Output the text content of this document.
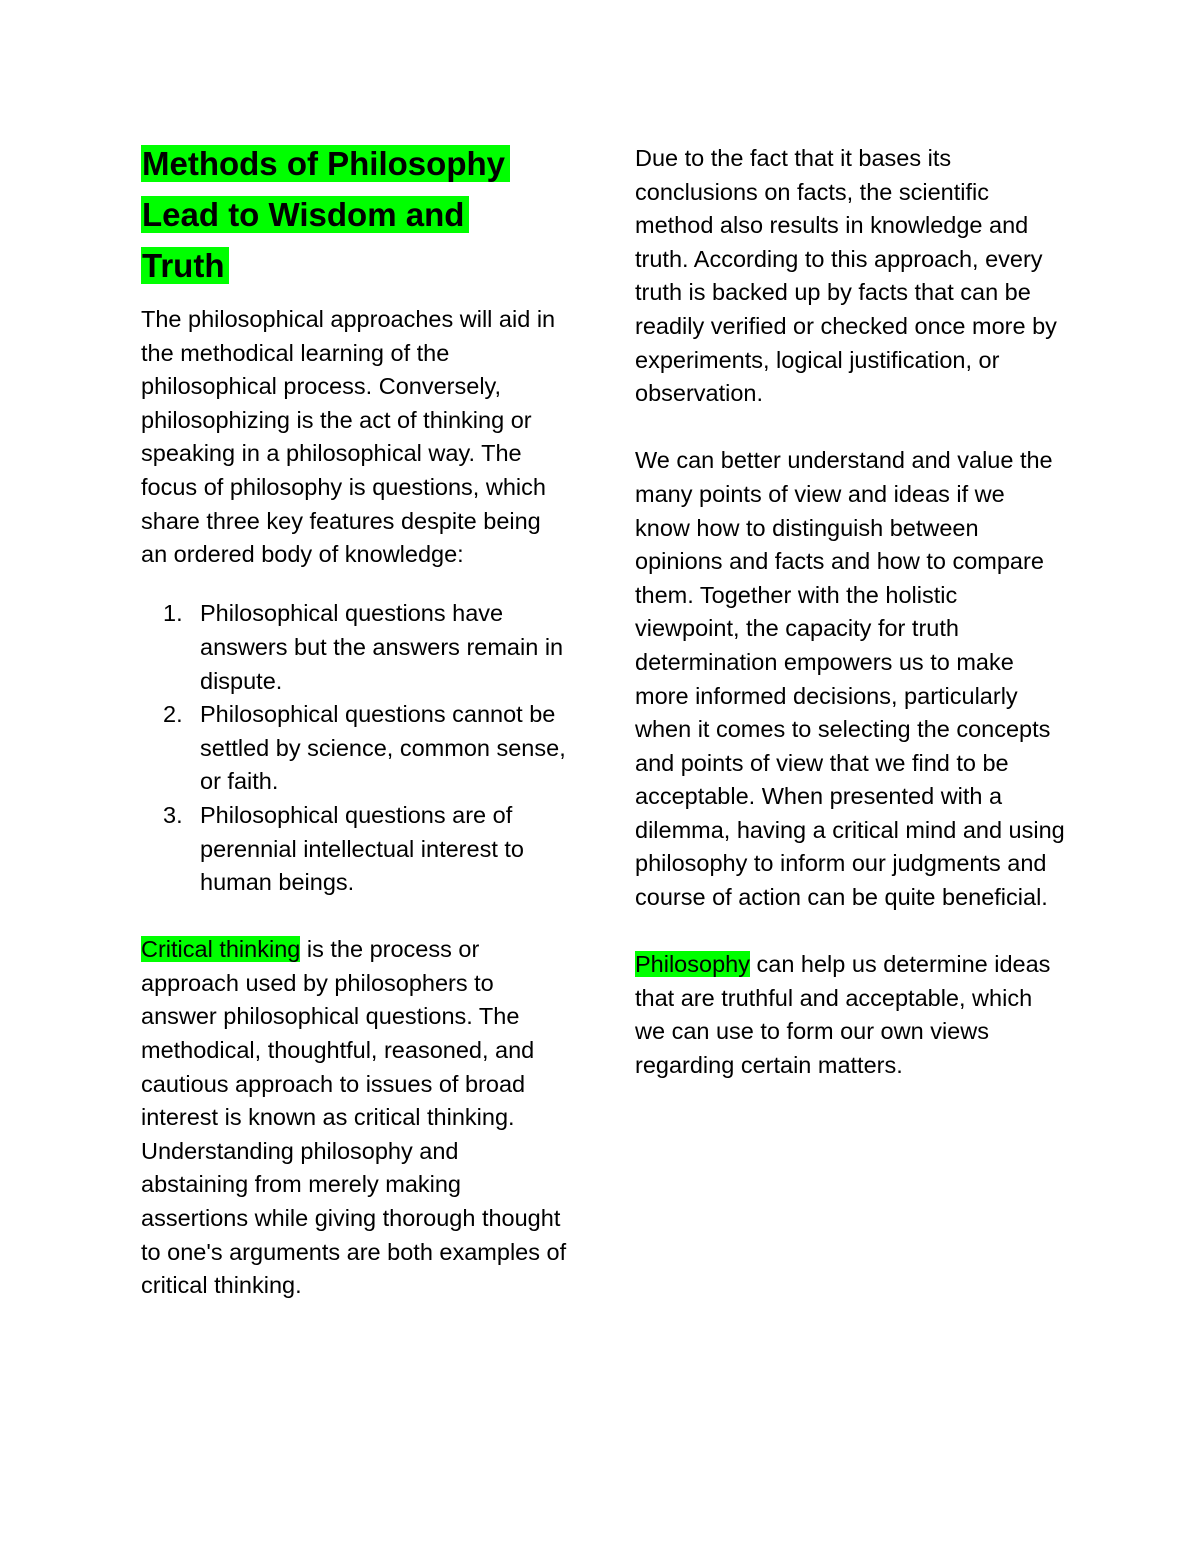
Methods of Philosophy
Lead to Wisdom and
Truth

The philosophical approaches will aid in the methodical learning of the philosophical process. Conversely, philosophizing is the act of thinking or speaking in a philosophical way. The focus of philosophy is questions, which share three key features despite being an ordered body of knowledge:

1. Philosophical questions have answers but the answers remain in dispute.
2. Philosophical questions cannot be settled by science, common sense, or faith.
3. Philosophical questions are of perennial intellectual interest to human beings.

Critical thinking is the process or approach used by philosophers to answer philosophical questions. The methodical, thoughtful, reasoned, and cautious approach to issues of broad interest is known as critical thinking. Understanding philosophy and abstaining from merely making assertions while giving thorough thought to one's arguments are both examples of critical thinking.

Due to the fact that it bases its conclusions on facts, the scientific method also results in knowledge and truth. According to this approach, every truth is backed up by facts that can be readily verified or checked once more by experiments, logical justification, or observation.

We can better understand and value the many points of view and ideas if we know how to distinguish between opinions and facts and how to compare them. Together with the holistic viewpoint, the capacity for truth determination empowers us to make more informed decisions, particularly when it comes to selecting the concepts and points of view that we find to be acceptable. When presented with a dilemma, having a critical mind and using philosophy to inform our judgments and course of action can be quite beneficial.

Philosophy can help us determine ideas that are truthful and acceptable, which we can use to form our own views regarding certain matters.
